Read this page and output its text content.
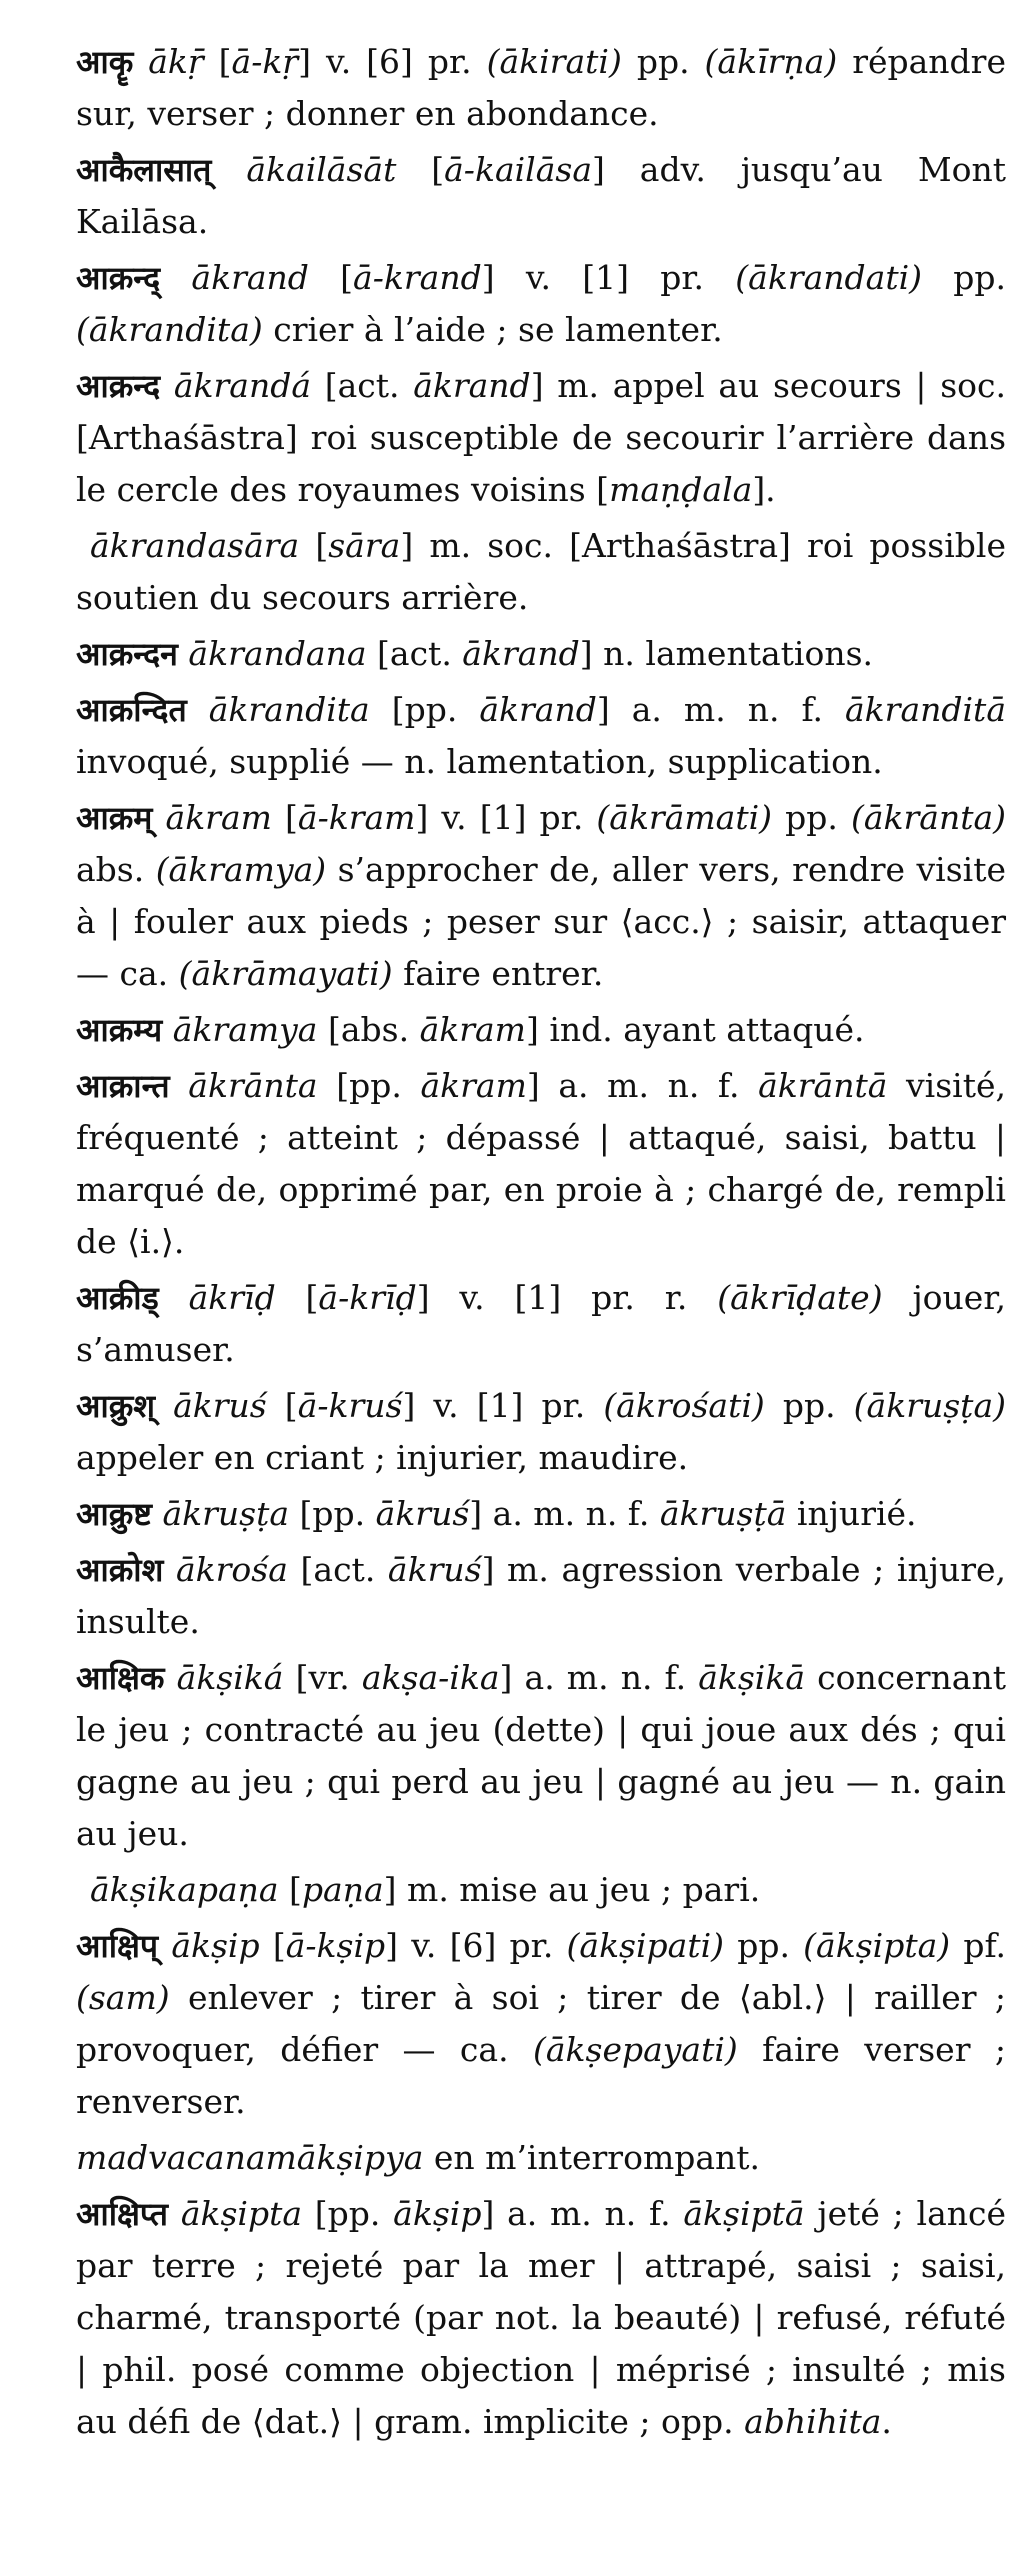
आकॄ ākṝ [ā-kṝ] v. [6] pr. (ākirati) pp. (ākīrṇa) répandre sur, verser ; donner en abondance.

आकैलासात् ākailāsāt [ā-kailāsa] adv. jusqu’au Mont Kailāsa.

आक्रन्द् ākrand [ā-krand] v. [1] pr. (ākrandati) pp. (ākrandita) crier à l’aide ; se lamenter.

आक्रन्द ākrandá [act. ākrand] m. appel au secours | soc. [Arthaśāstra] roi susceptible de secourir l’arrière dans le cercle des royaumes voisins [maṇḍala].

ākrandasāra [sāra] m. soc. [Arthaśāstra] roi possible soutien du secours arrière.

आक्रन्दन ākrandana [act. ākrand] n. lamentations.

आक्रन्दित ākrandita [pp. ākrand] a. m. n. f. ākranditā invoqué, supplié — n. lamentation, supplication.

आक्रम् ākram [ā-kram] v. [1] pr. (ākrāmati) pp. (ākrānta) abs. (ākramya) s’approcher de, aller vers, rendre visite à | fouler aux pieds ; peser sur ⟨acc.⟩ ; saisir, attaquer — ca. (ākrāmayati) faire entrer.

आक्रम्य ākramya [abs. ākram] ind. ayant attaqué.

आक्रान्त ākrānta [pp. ākram] a. m. n. f. ākrāntā visité, fréquenté ; atteint ; dépassé | attaqué, saisi, battu | marqué de, opprimé par, en proie à ; chargé de, rempli de ⟨i.⟩.

आक्रीड् ākrīḍ [ā-krīḍ] v. [1] pr. r. (ākrīḍate) jouer, s’amuser.

आक्रुश् ākruś [ā-kruś] v. [1] pr. (ākrośati) pp. (ākruṣṭa) appeler en criant ; injurier, maudire.

आक्रुष्ट ākruṣṭa [pp. ākruś] a. m. n. f. ākruṣṭā injurié.

आक्रोश ākrośa [act. ākruś] m. agression verbale ; injure, insulte.

आक्षिक ākṣiká [vr. akṣa-ika] a. m. n. f. ākṣikā concernant le jeu ; contracté au jeu (dette) | qui joue aux dés ; qui gagne au jeu ; qui perd au jeu | gagné au jeu — n. gain au jeu.

ākṣikapaṇa [paṇa] m. mise au jeu ; pari.

आक्षिप् ākṣip [ā-kṣip] v. [6] pr. (ākṣipati) pp. (ākṣipta) pf. (sam) enlever ; tirer à soi ; tirer de ⟨abl.⟩ | railler ; provoquer, défier — ca. (ākṣepayati) faire verser ; renverser.

madvacanamākṣipya en m’interrompant.

आक्षिप्त ākṣipta [pp. ākṣip] a. m. n. f. ākṣiptā jeté ; lancé par terre ; rejeté par la mer | attrapé, saisi ; saisi, charmé, transporté (par not. la beauté) | refusé, réfuté | phil. posé comme objection | méprisé ; insulté ; mis au défi de ⟨dat.⟩ | gram. implicite ; opp. abhihita.
